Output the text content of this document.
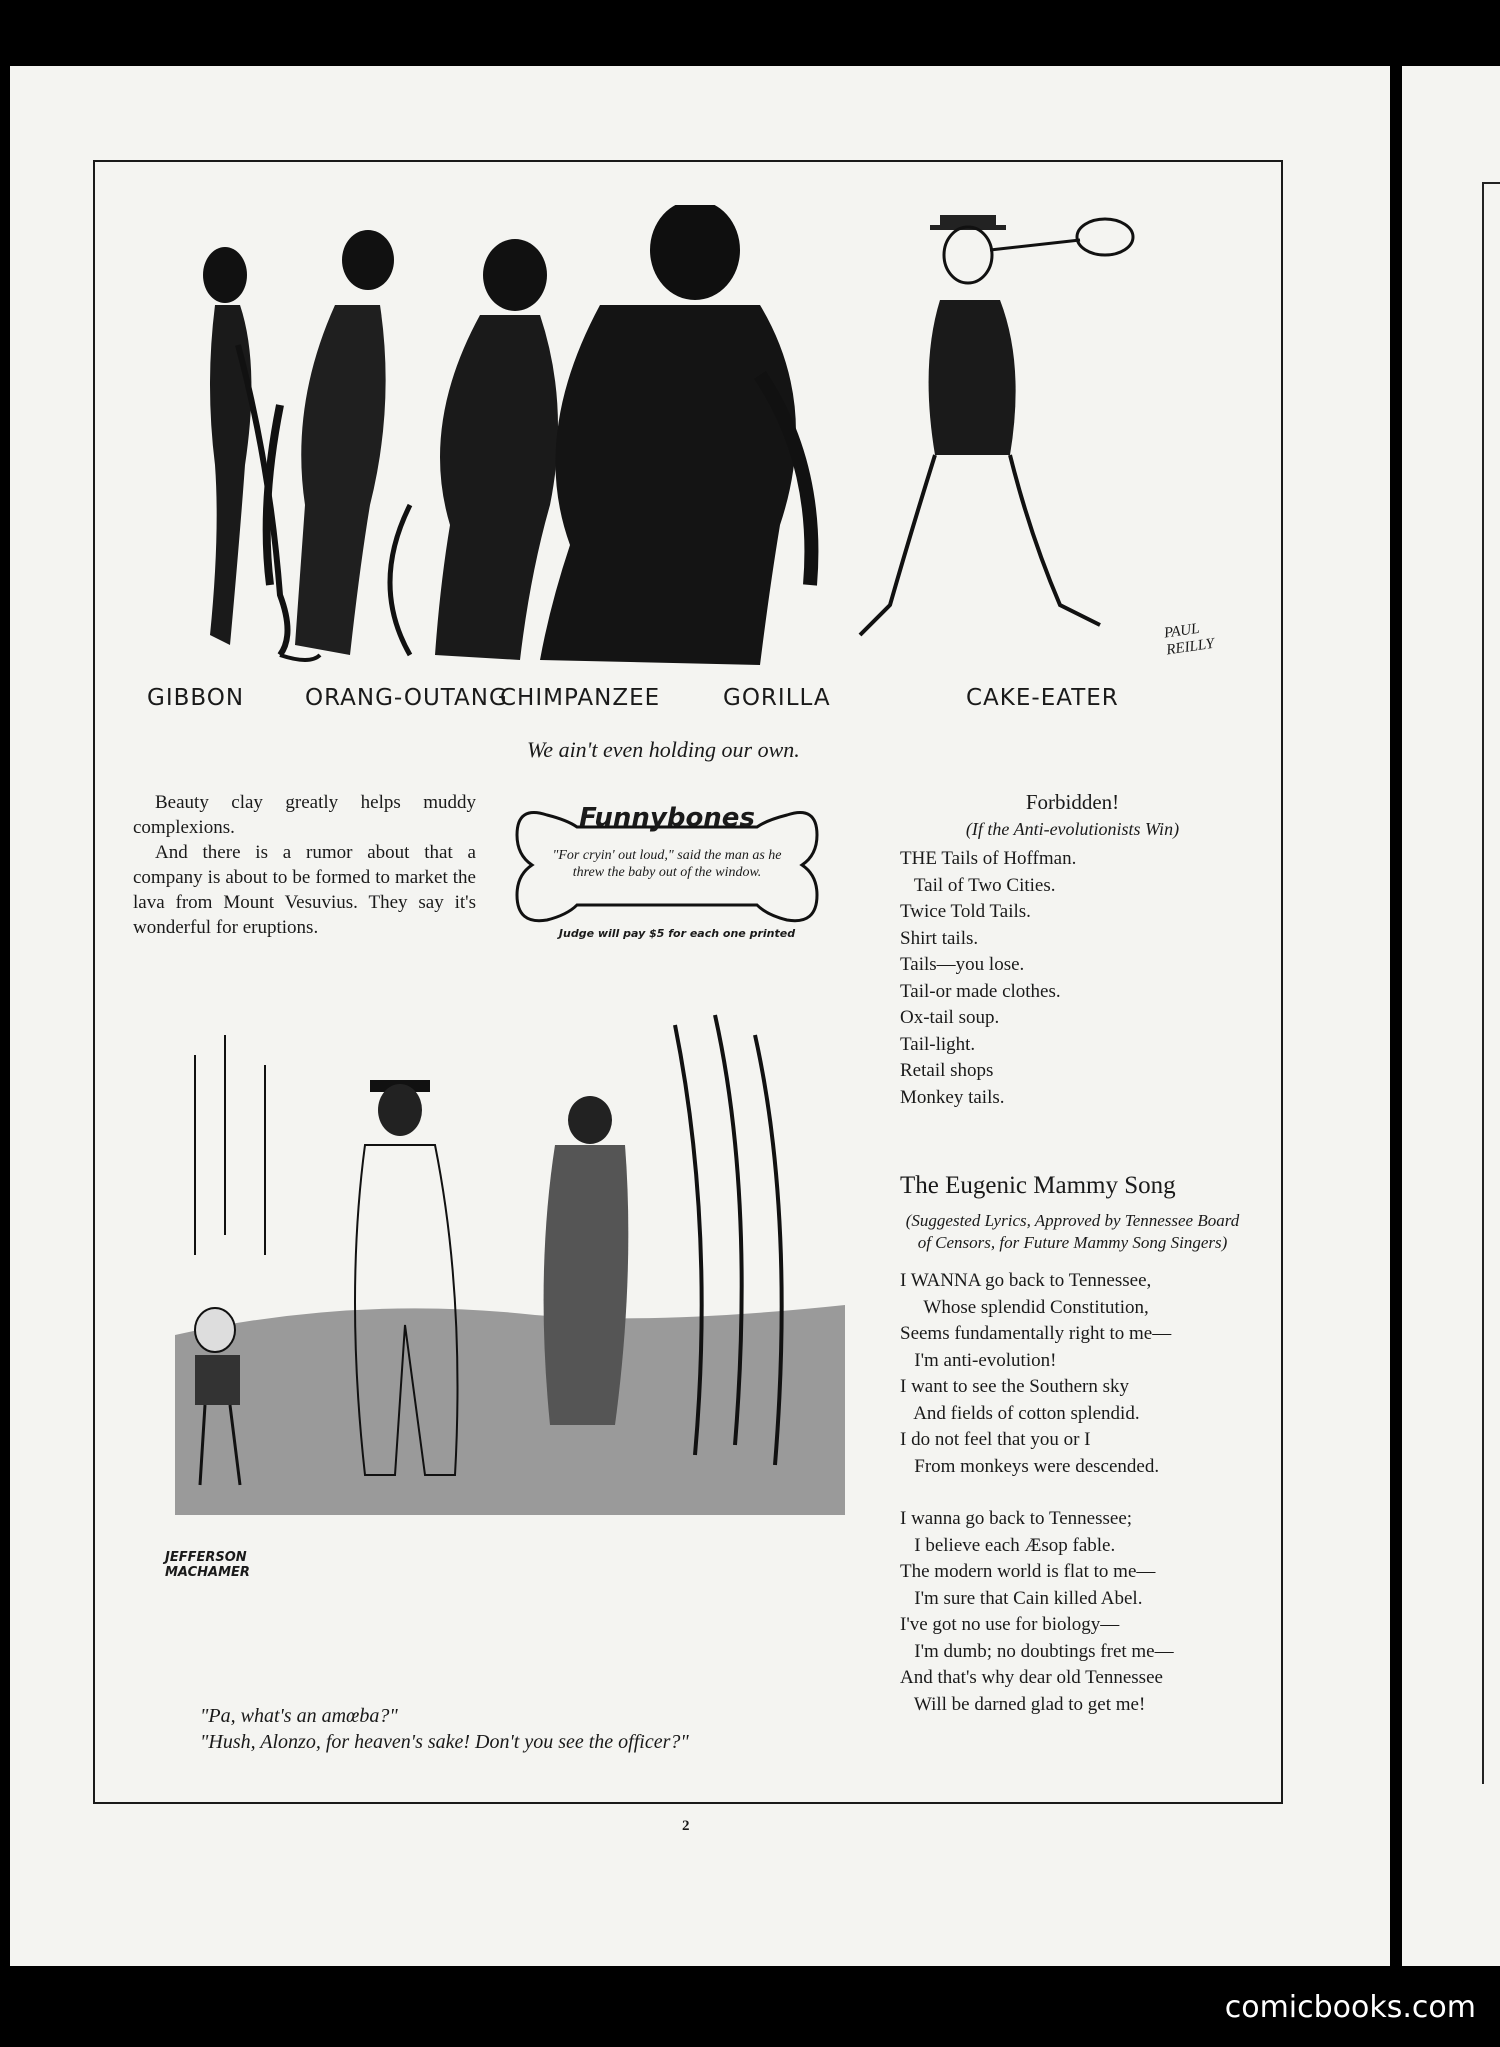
GIBBON	ORANG-OUTANG
CHIMPANZEE	GORILLA	CAKE-EATER
PAUL REILLY
We ain't even holding our own.

Beauty clay greatly helps muddy complexions.

And there is a rumor about that a company is about to be formed to market the lava from Mount Vesuvius. They say it's wonderful for eruptions.

Funnybones
"For cryin' out loud," said the man as he threw the baby out of the window.
Judge will pay $5 for each one printed
Forbidden!
(If the Anti-evolutionists Win)
THE Tails of Hoffman.
Tail of Two Cities.
Twice Told Tails.
Shirt tails.
Tails—you lose.
Tail-or made clothes.
Ox-tail soup.
Tail-light.
Retail shops
Monkey tails.
JEFFERSON MACHAMER
"Pa, what's an amœba?"
"Hush, Alonzo, for heaven's sake! Don't you see the officer?"
The Eugenic Mammy Song
(Suggested Lyrics, Approved by Tennessee Board of Censors, for Future Mammy Song Singers)
I WANNA go back to Tennessee,
Whose splendid Constitution,
Seems fundamentally right to me—
I'm anti-evolution!
I want to see the Southern sky
And fields of cotton splendid.
I do not feel that you or I
From monkeys were descended.
I wanna go back to Tennessee;
I believe each Æsop fable.
The modern world is flat to me—
I'm sure that Cain killed Abel.
I've got no use for biology—
I'm dumb; no doubtings fret me—
And that's why dear old Tennessee
Will be darned glad to get me!
2
comicbooks.com
